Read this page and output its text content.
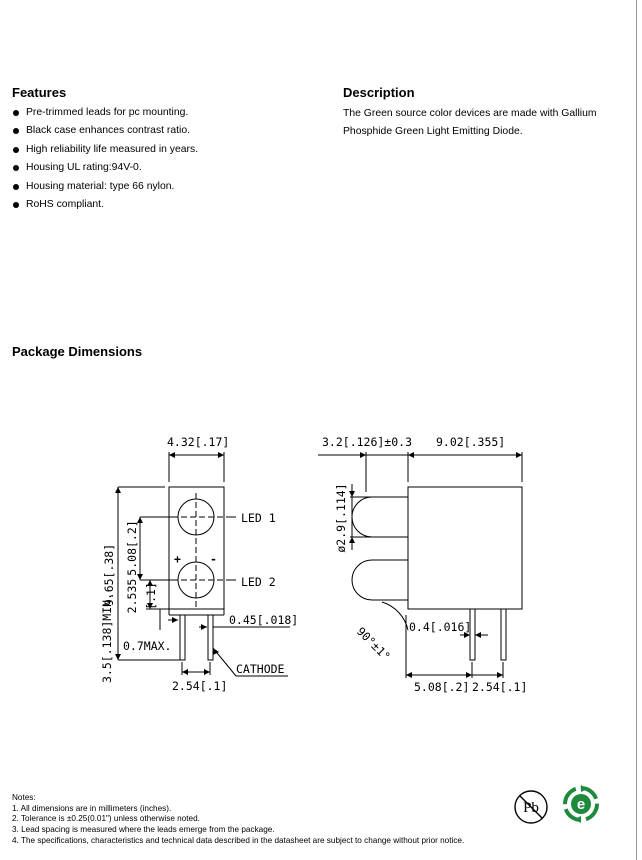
Features
Pre-trimmed leads for pc mounting.
Black case enhances contrast ratio.
High reliability life measured in years.
Housing UL rating:94V-0.
Housing material: type 66 nylon.
RoHS compliant.
Description

The Green source color devices are made with Gallium Phosphide Green Light Emitting Diode.

Package Dimensions
4.32[.17]
LED 1
LED 2
+	-
0.7MAX.
0.45[.018]
2.54[.1]
CATHODE
9.65[.38] 5.08[.2]
2.535 [.1]
3.5[.138]MIN.
3.2[.126]±0.3 9.02[.355]
ø2.9[.114]
90°±1° 0.4[.016]
5.08[.2] 2.54[.1]
Notes:
1. All dimensions are in millimeters (inches).
2. Tolerance is ±0.25(0.01") unless otherwise noted.
3. Lead spacing is measured where the leads emerge from the package.
4. The specifications, characteristics and technical data described in the datasheet are subject to change without prior notice.
Pb	e
